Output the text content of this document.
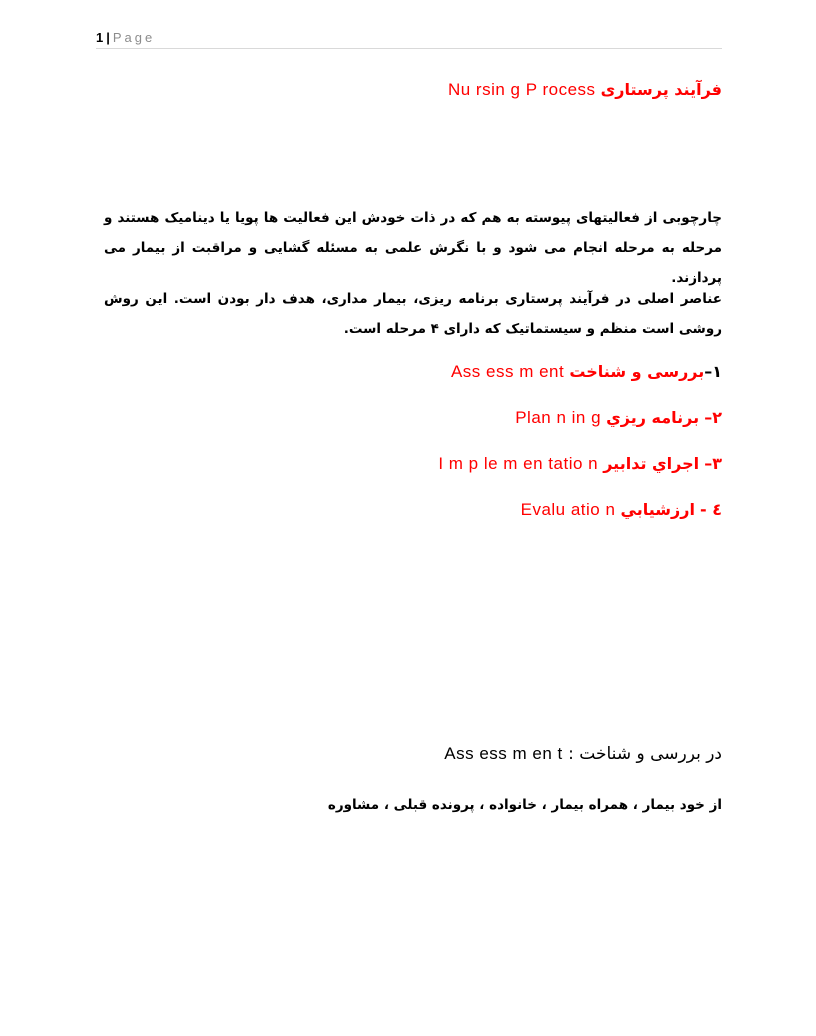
1 | Page
فرآیند پرستاری Nu rsin g P rocess
چارچوبی از فعالیتهای پیوسته به هم که در ذات خودش این فعالیت ها پویا یا دینامیک هستند و مرحله به مرحله انجام می شود و با نگرش علمی به مسئله گشایی و مراقبت از بیمار می پردازند.
عناصر اصلی در فرآیند پرستاری برنامه ریزی، بیمار مداری، هدف دار بودن است. این روش روشی است منظم و سیستماتیک که دارای ۴ مرحله است.
۱–بررسی و شناخت Ass ess m ent
۲– برنامه ريزي Plan n in g
۳– اجراي تدابير I m p le m en tatio n
٤ - ارزشيابي Evalu atio n
در بررسی و شناخت : Ass ess m en t
از خود بیمار ، همراه بیمار ، خانواده ، پرونده قبلی ، مشاوره
